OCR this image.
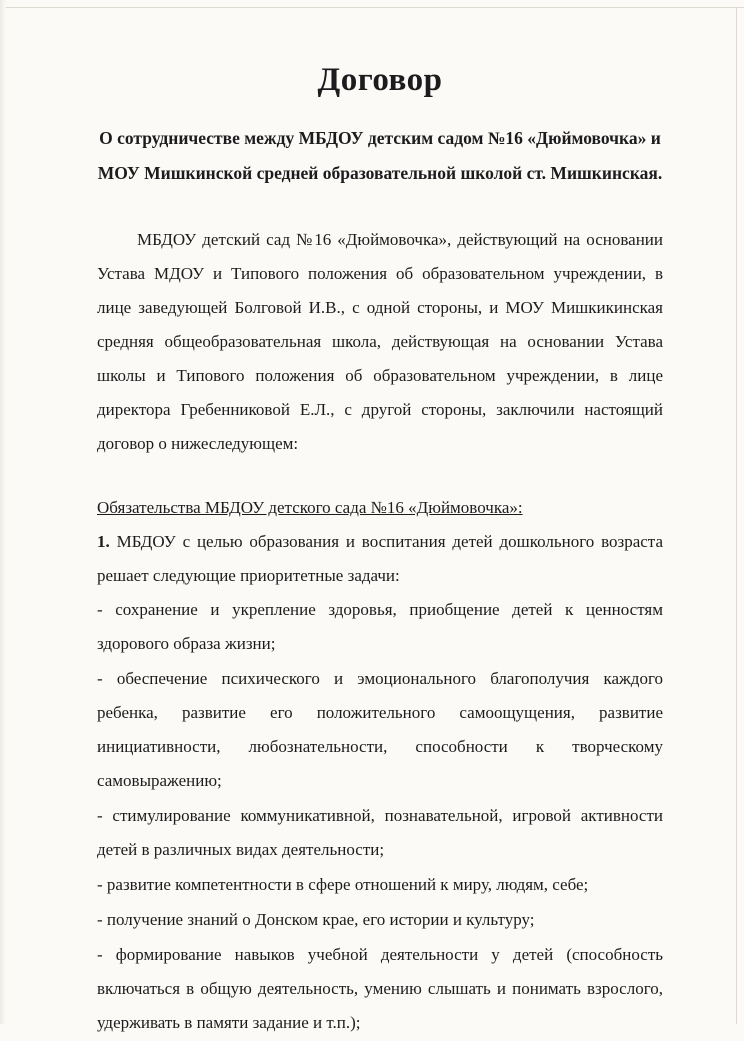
Договор

О сотрудничестве между МБДОУ детским садом №16 «Дюймовочка» и МОУ Мишкинской средней образовательной школой ст. Мишкинская.

МБДОУ детский сад №16 «Дюймовочка», действующий на основании Устава МДОУ и Типового положения об образовательном учреждении, в лице заведующей Болговой И.В., с одной стороны, и МОУ Мишкикинская средняя общеобразовательная школа, действующая на основании Устава школы и Типового положения об образовательном учреждении, в лице директора Гребенниковой Е.Л., с другой стороны, заключили настоящий договор о нижеследующем:

Обязательства МБДОУ детского сада №16 «Дюймовочка»:

1. МБДОУ с целью образования и воспитания детей дошкольного возраста решает следующие приоритетные задачи:

- сохранение и укрепление здоровья, приобщение детей к ценностям здорового образа жизни;

- обеспечение психического и эмоционального благополучия каждого ребенка, развитие его положительного самоощущения, развитие инициативности, любознательности, способности к творческому самовыражению;

- стимулирование коммуникативной, познавательной, игровой активности детей в различных видах деятельности;

- развитие компетентности в сфере отношений к миру, людям, себе;

- получение знаний о Донском крае, его истории и культуру;

- формирование навыков учебной деятельности у детей (способность включаться в общую деятельность, умению слышать и понимать взрослого, удерживать в памяти задание и т.п.);
